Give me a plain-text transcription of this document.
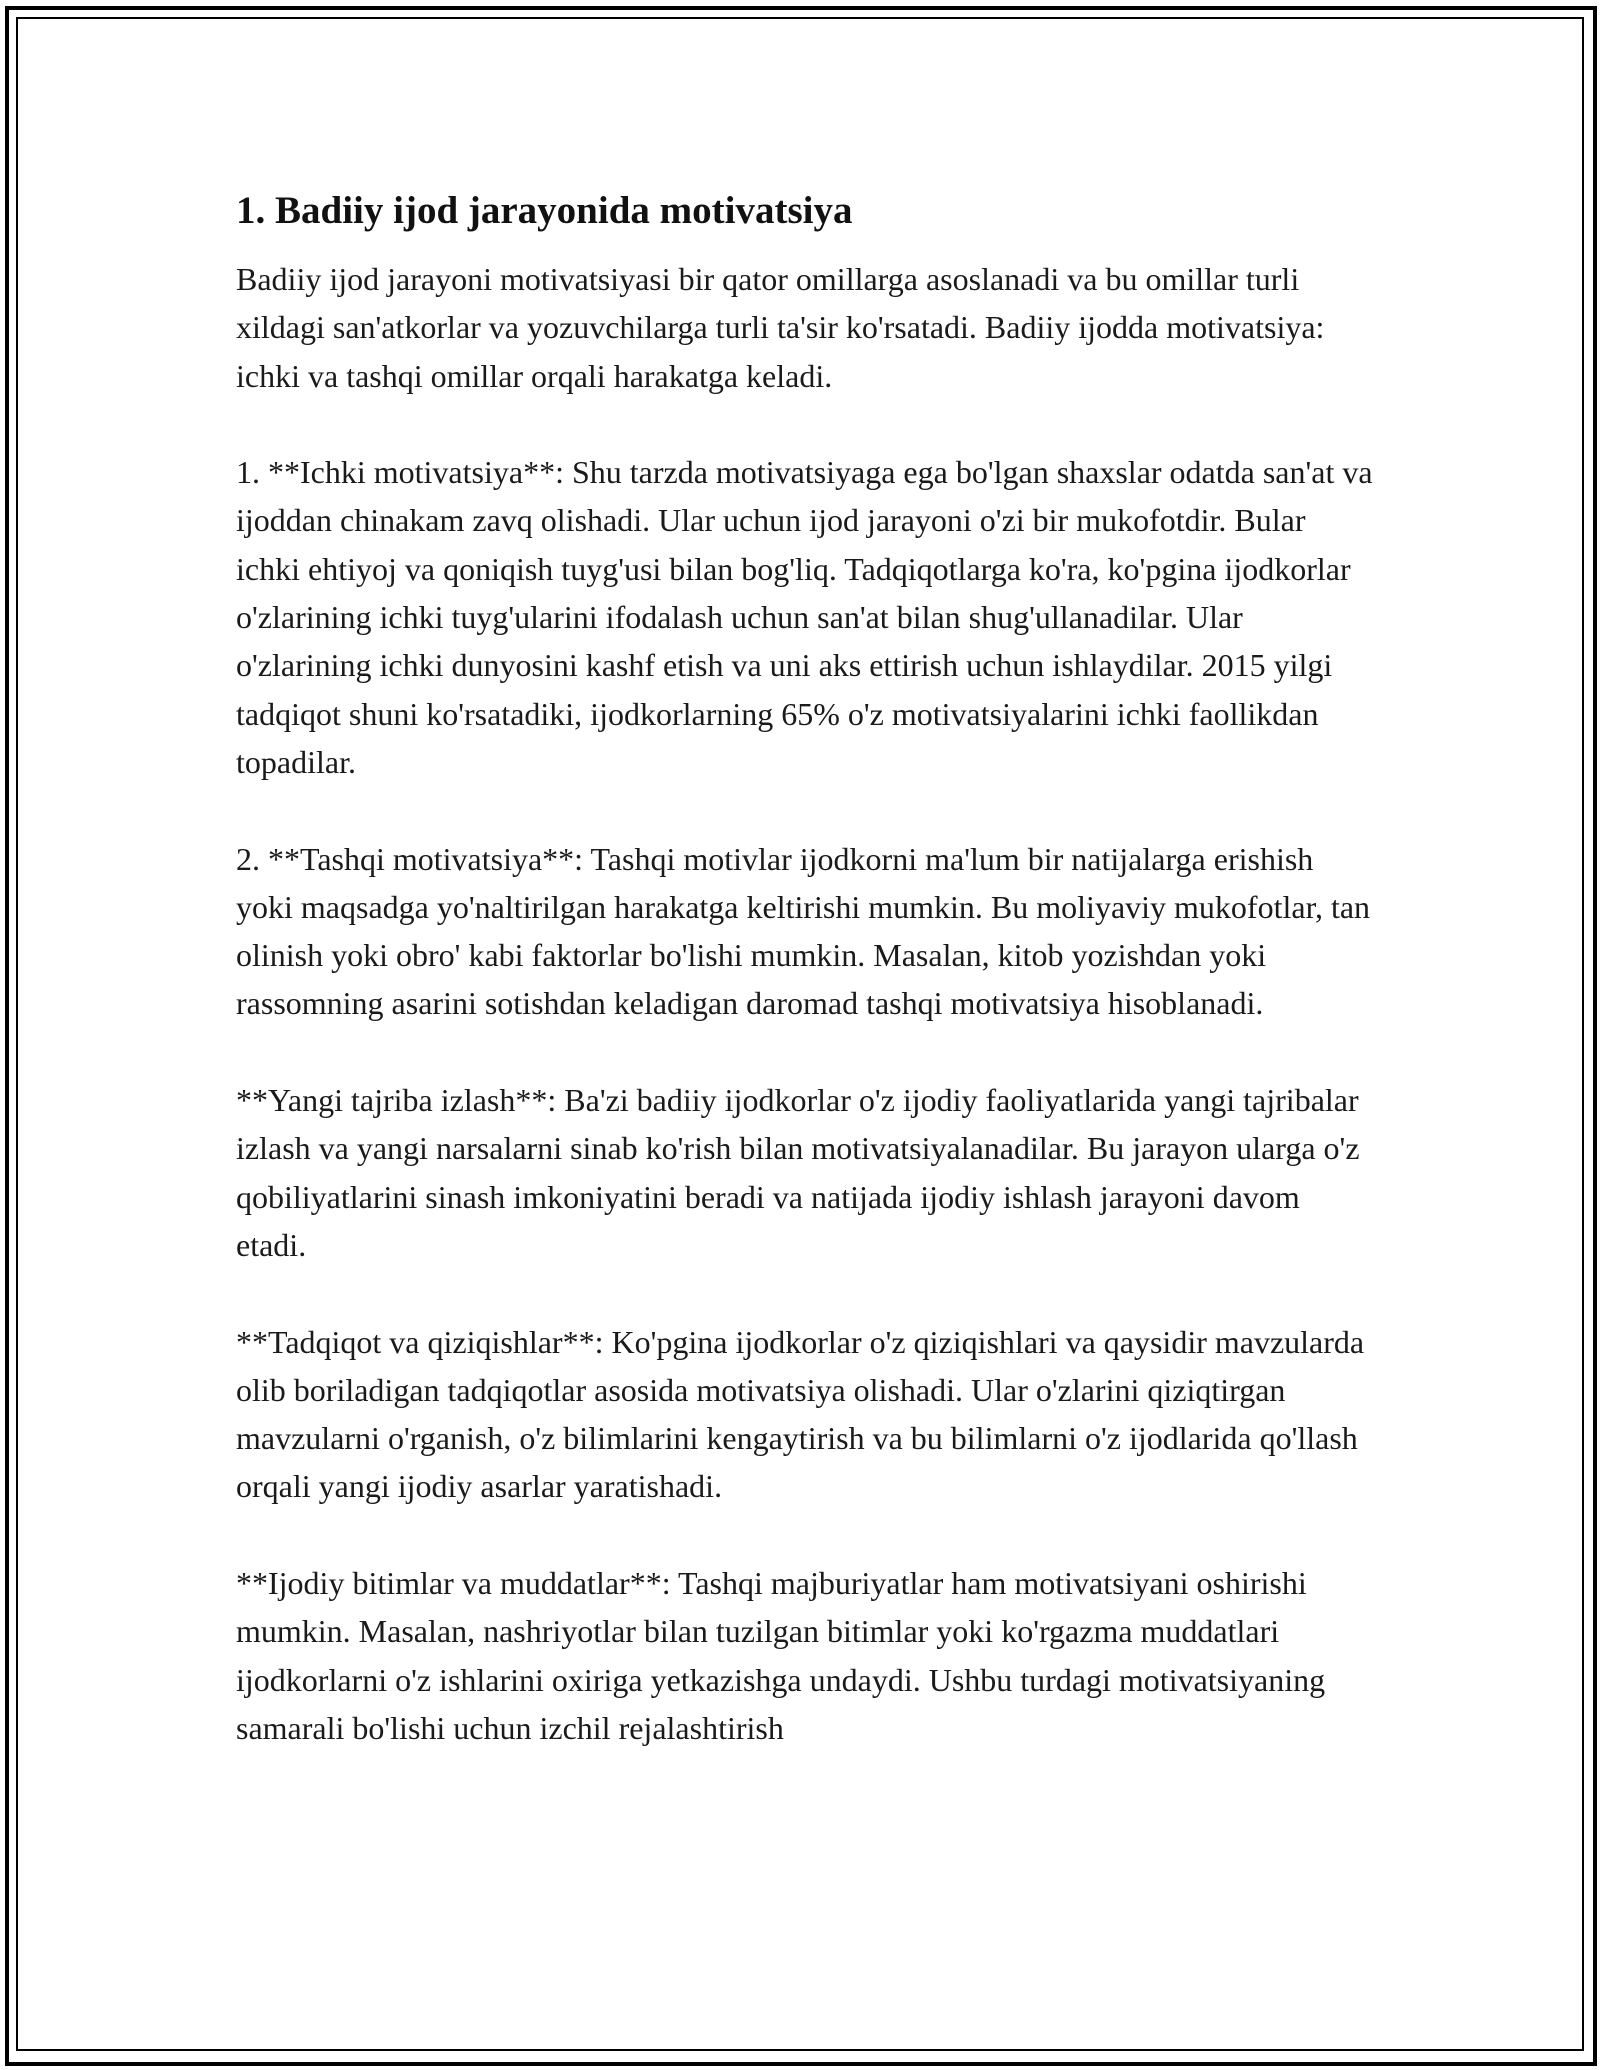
1. Badiiy ijod jarayonida motivatsiya

Badiiy ijod jarayoni motivatsiyasi bir qator omillarga asoslanadi va bu omillar turli xildagi san'atkorlar va yozuvchilarga turli ta'sir ko'rsatadi. Badiiy ijodda motivatsiya: ichki va tashqi omillar orqali harakatga keladi.

1. **Ichki motivatsiya**: Shu tarzda motivatsiyaga ega bo'lgan shaxslar odatda san'at va ijoddan chinakam zavq olishadi. Ular uchun ijod jarayoni o'zi bir mukofotdir. Bular ichki ehtiyoj va qoniqish tuyg'usi bilan bog'liq. Tadqiqotlarga ko'ra, ko'pgina ijodkorlar o'zlarining ichki tuyg'ularini ifodalash uchun san'at bilan shug'ullanadilar. Ular o'zlarining ichki dunyosini kashf etish va uni aks ettirish uchun ishlaydilar. 2015 yilgi tadqiqot shuni ko'rsatadiki, ijodkorlarning 65% o'z motivatsiyalarini ichki faollikdan topadilar.

2. **Tashqi motivatsiya**: Tashqi motivlar ijodkorni ma'lum bir natijalarga erishish yoki maqsadga yo'naltirilgan harakatga keltirishi mumkin. Bu moliyaviy mukofotlar, tan olinish yoki obro' kabi faktorlar bo'lishi mumkin. Masalan, kitob yozishdan yoki rassomning asarini sotishdan keladigan daromad tashqi motivatsiya hisoblanadi.

**Yangi tajriba izlash**: Ba'zi badiiy ijodkorlar o'z ijodiy faoliyatlarida yangi tajribalar izlash va yangi narsalarni sinab ko'rish bilan motivatsiyalanadilar. Bu jarayon ularga o'z qobiliyatlarini sinash imkoniyatini beradi va natijada ijodiy ishlash jarayoni davom etadi.

**Tadqiqot va qiziqishlar**: Ko'pgina ijodkorlar o'z qiziqishlari va qaysidir mavzularda olib boriladigan tadqiqotlar asosida motivatsiya olishadi. Ular o'zlarini qiziqtirgan mavzularni o'rganish, o'z bilimlarini kengaytirish va bu bilimlarni o'z ijodlarida qo'llash orqali yangi ijodiy asarlar yaratishadi.

**Ijodiy bitimlar va muddatlar**: Tashqi majburiyatlar ham motivatsiyani oshirishi mumkin. Masalan, nashriyotlar bilan tuzilgan bitimlar yoki ko'rgazma muddatlari ijodkorlarni o'z ishlarini oxiriga yetkazishga undaydi. Ushbu turdagi motivatsiyaning samarali bo'lishi uchun izchil rejalashtirish
